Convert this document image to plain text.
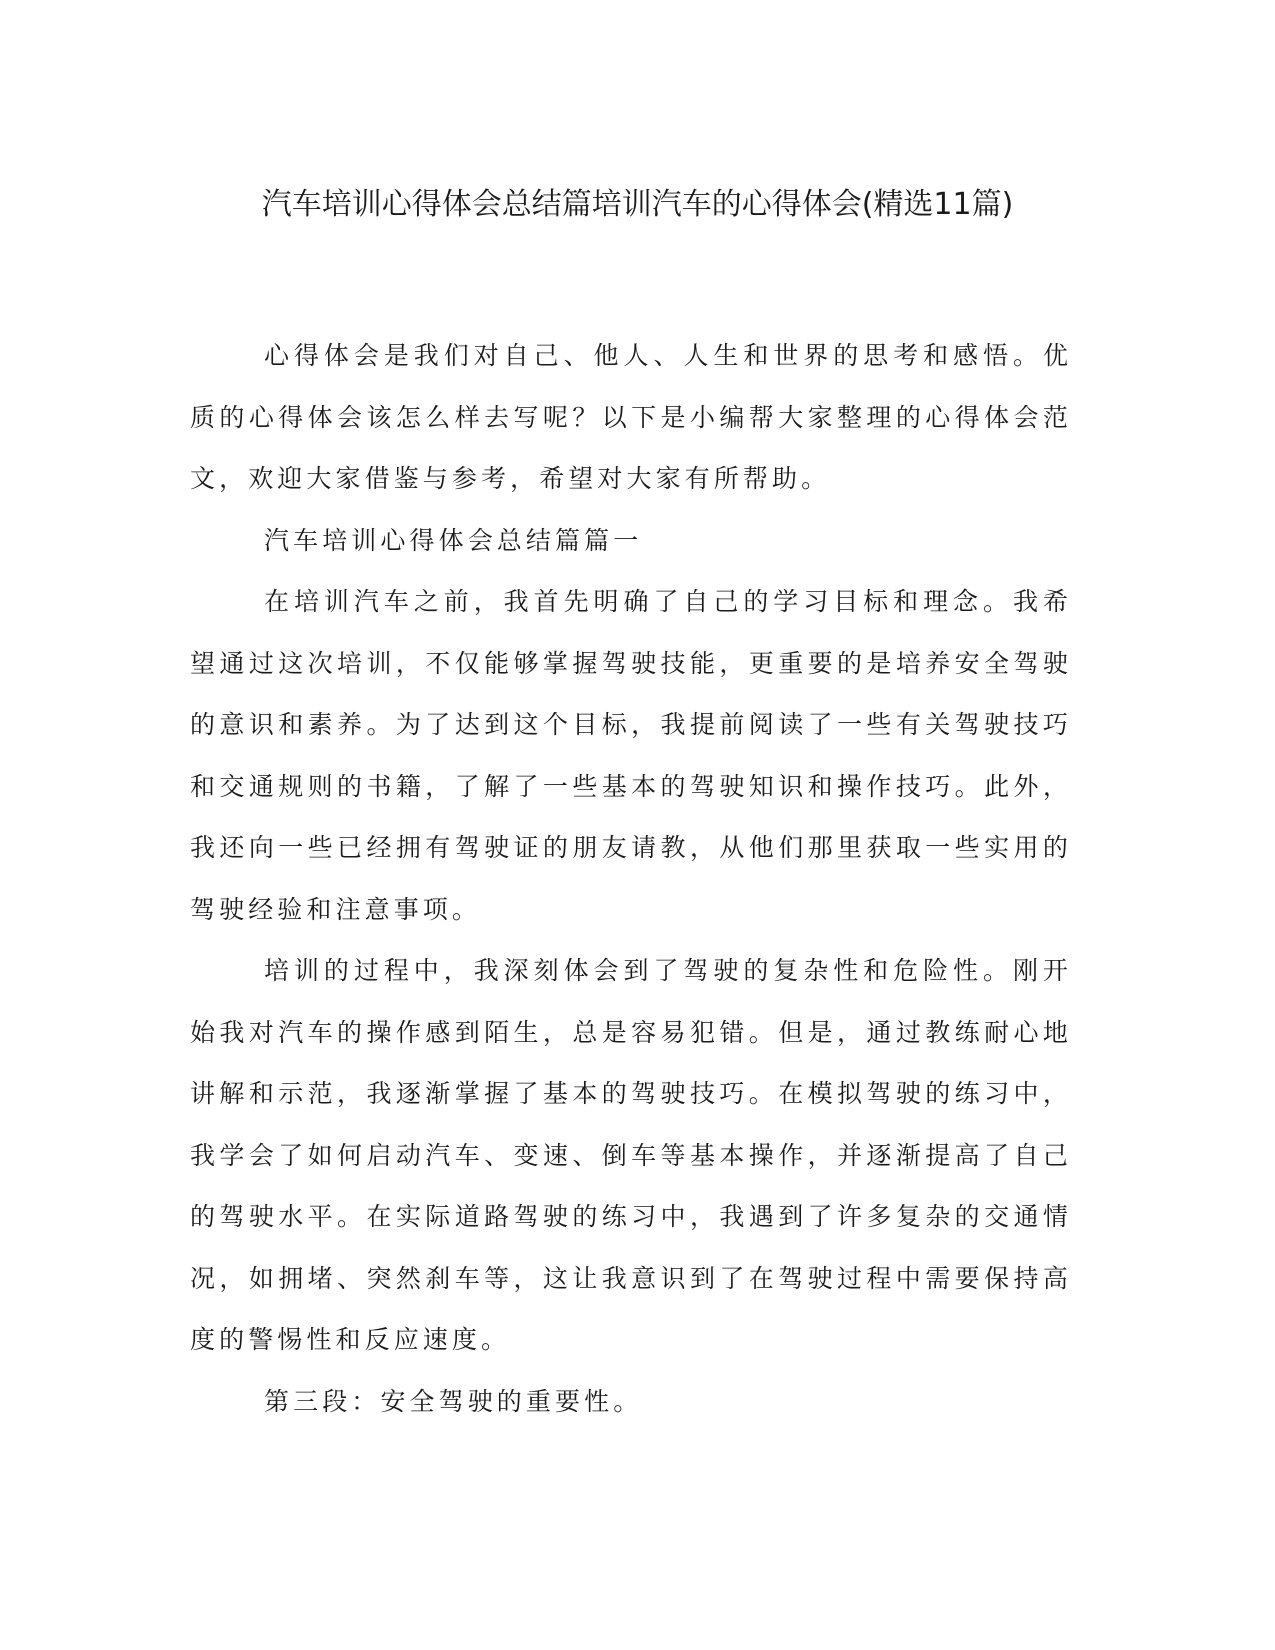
汽车培训心得体会总结篇培训汽车的心得体会(精选11篇)

心得体会是我们对自己、他人、人生和世界的思考和感悟。优质的心得体会该怎么样去写呢？以下是小编帮大家整理的心得体会范文，欢迎大家借鉴与参考，希望对大家有所帮助。

汽车培训心得体会总结篇篇一

在培训汽车之前，我首先明确了自己的学习目标和理念。我希望通过这次培训，不仅能够掌握驾驶技能，更重要的是培养安全驾驶的意识和素养。为了达到这个目标，我提前阅读了一些有关驾驶技巧和交通规则的书籍，了解了一些基本的驾驶知识和操作技巧。此外，我还向一些已经拥有驾驶证的朋友请教，从他们那里获取一些实用的驾驶经验和注意事项。

培训的过程中，我深刻体会到了驾驶的复杂性和危险性。刚开始我对汽车的操作感到陌生，总是容易犯错。但是，通过教练耐心地讲解和示范，我逐渐掌握了基本的驾驶技巧。在模拟驾驶的练习中，我学会了如何启动汽车、变速、倒车等基本操作，并逐渐提高了自己的驾驶水平。在实际道路驾驶的练习中，我遇到了许多复杂的交通情况，如拥堵、突然刹车等，这让我意识到了在驾驶过程中需要保持高度的警惕性和反应速度。

第三段：安全驾驶的重要性。
